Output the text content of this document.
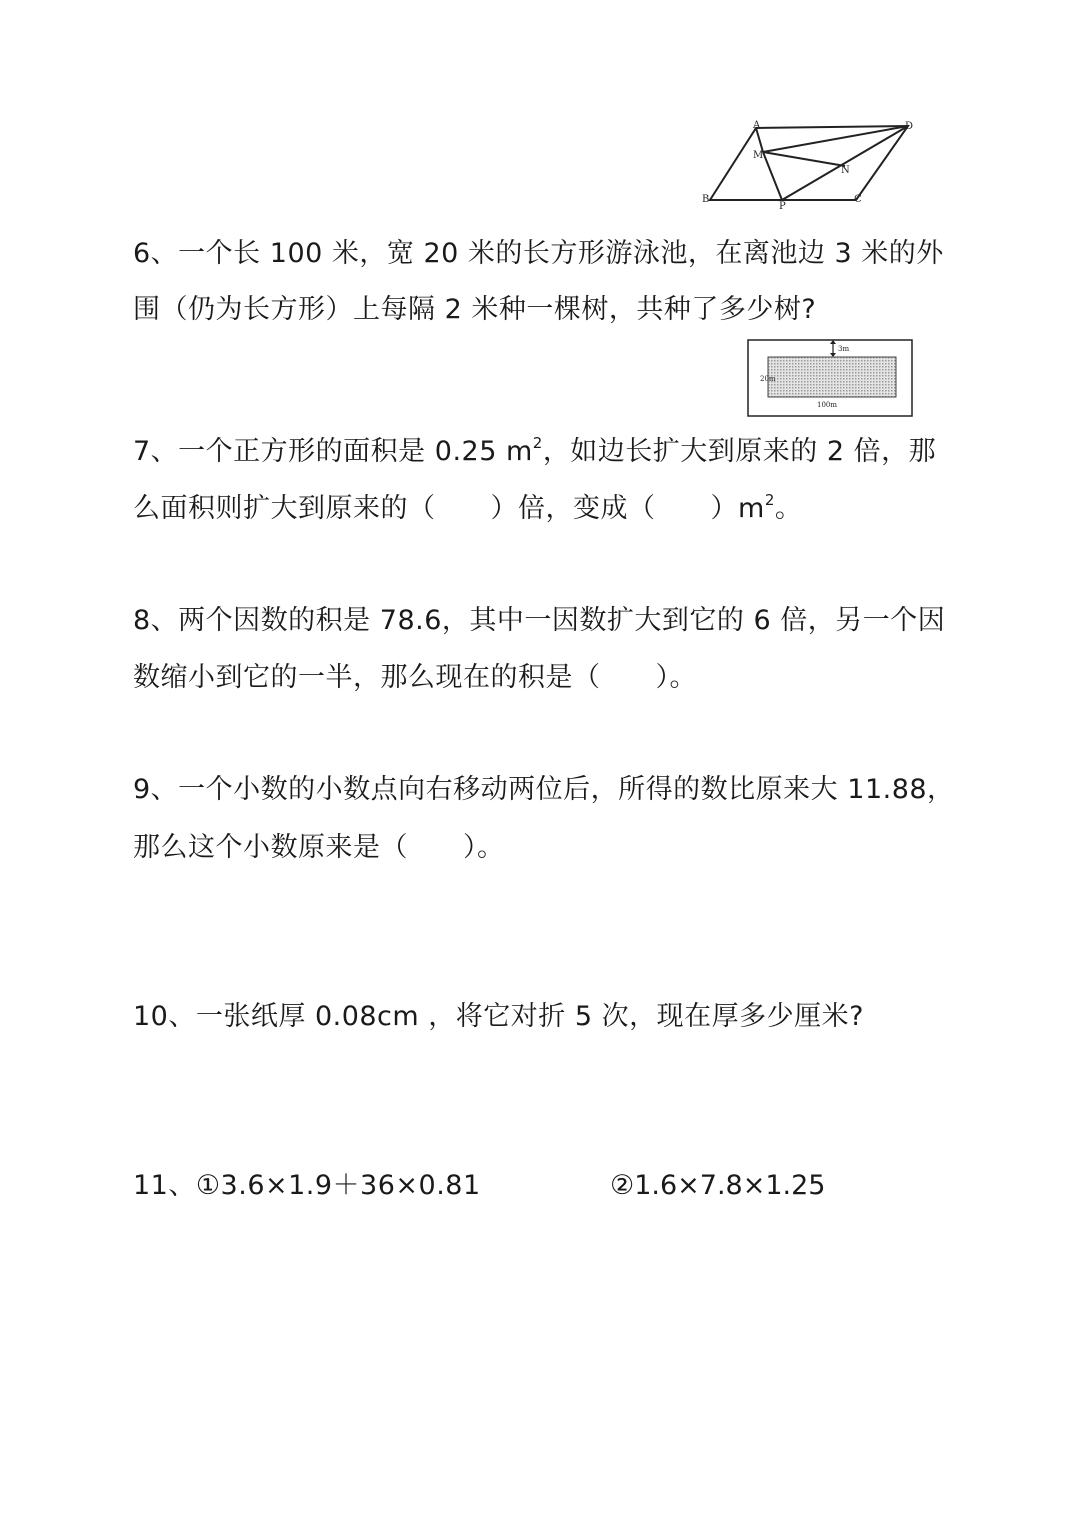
A	D
M
N
B
P
C
6、一个长 100 米，宽 20 米的长方形游泳池，在离池边 3 米的外
围（仍为长方形）上每隔 2 米种一棵树，共种了多少树?
3m
20m
100m
7、一个正方形的面积是 0.25 $m^2$，如边长扩大到原来的 2 倍，那
么面积则扩大到原来的（　　）倍，变成（　　）$m^2$。
8、两个因数的积是 78.6，其中一因数扩大到它的 6 倍，另一个因
数缩小到它的一半，那么现在的积是（　　）。
9、一个小数的小数点向右移动两位后，所得的数比原来大 11.88，
那么这个小数原来是（　　）。
10、一张纸厚 0.08cm ，将它对折 5 次，现在厚多少厘米?
11、①3.6×1.9＋36×0.81	②1.6×7.8×1.25
